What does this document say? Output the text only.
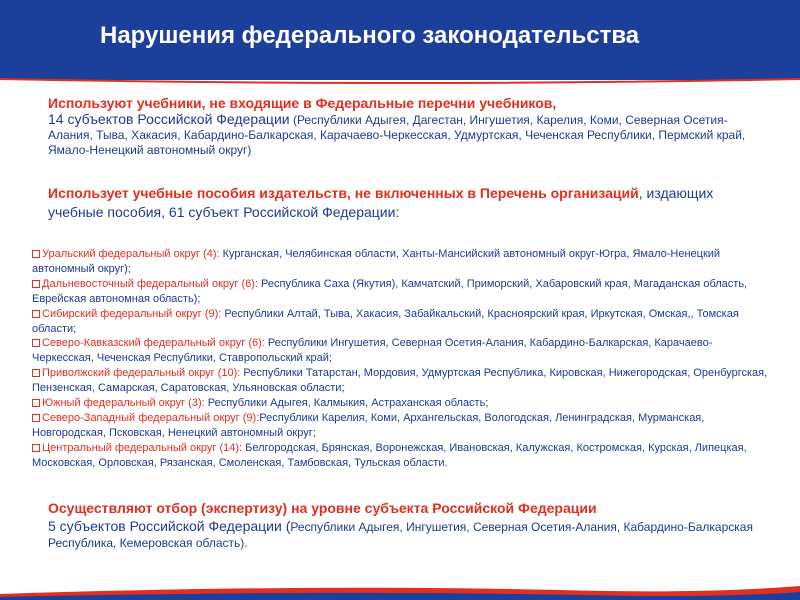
Нарушения федерального законодательства
Используют учебники, не входящие в Федеральные перечни учебников,
14 субъектов Российской Федерации (Республики Адыгея, Дагестан, Ингушетия, Карелия, Коми, Северная Осетия-Алания, Тыва, Хакасия, Кабардино-Балкарская, Карачаево-Черкесская, Удмуртская, Чеченская Республики, Пермский край, Ямало-Ненецкий автономный округ)
Использует учебные пособия издательств, не включенных в Перечень организаций, издающих учебные пособия, 61 субъект Российской Федерации:
Уральский федеральный округ (4): Курганская, Челябинская области, Ханты-Мансийский автономный округ-Югра, Ямало-Ненецкий автономный округ);
Дальневосточный федеральный округ (6): Республика Саха (Якутия), Камчатский, Приморский, Хабаровский края, Магаданская область, Еврейская автономная область);
Сибирский федеральный округ (9): Республики Алтай, Тыва, Хакасия, Забайкальский, Красноярский края, Иркутская, Омская,, Томская области;
Северо-Кавказский федеральный округ (6): Республики Ингушетия, Северная Осетия-Алания, Кабардино-Балкарская, Карачаево-Черкесская, Чеченская Республики, Ставропольский край;
Приволжский федеральный округ (10): Республики Татарстан, Мордовия, Удмуртская Республика, Кировская, Нижегородская, Оренбургская, Пензенская, Самарская, Саратовская, Ульяновская области;
Южный федеральный округ (3): Республики Адыгея, Калмыкия, Астраханская область;
Северо-Западный федеральный округ (9):Республики Карелия, Коми, Архангельская, Вологодская, Ленинградская, Мурманская, Новгородская, Псковская, Ненецкий автономный округ;
Центральный федеральный округ (14): Белгородская, Брянская, Воронежская, Ивановская, Калужская, Костромская, Курская, Липецкая, Московская, Орловская, Рязанская, Смоленская, Тамбовская, Тульская области.
Осуществляют отбор (экспертизу) на уровне субъекта Российской Федерации
5 субъектов Российской Федерации (Республики Адыгея, Ингушетия, Северная Осетия-Алания, Кабардино-Балкарская Республика, Кемеровская область).
